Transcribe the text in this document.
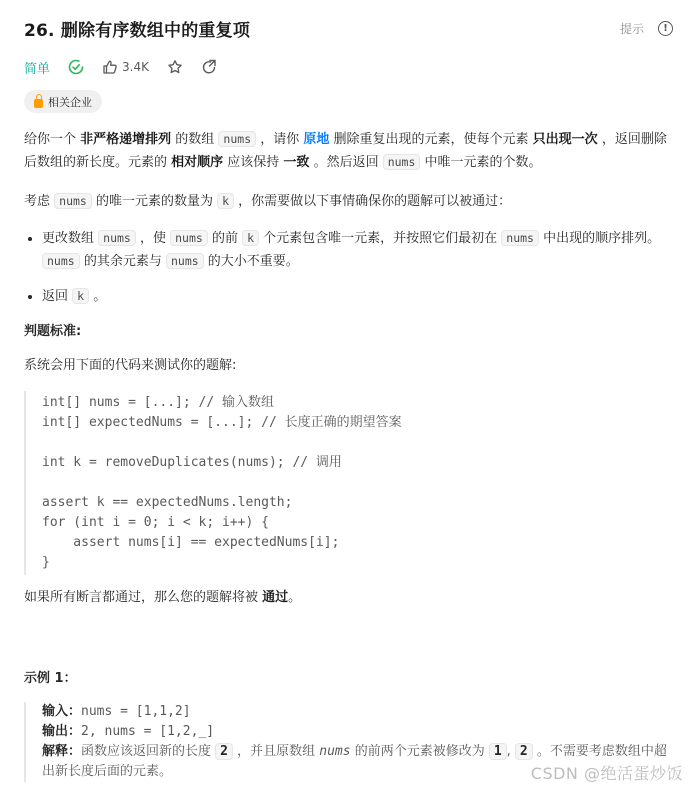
26. 删除有序数组中的重复项	提示	!
简单	3.4K
相关企业

给你一个 非严格递增排列 的数组 nums ，请你 原地 删除重复出现的元素，使每个元素 只出现一次 ，返回删除后数组的新长度。元素的 相对顺序 应该保持 一致 。然后返回 nums 中唯一元素的个数。

考虑 nums 的唯一元素的数量为 k ，你需要做以下事情确保你的题解可以被通过：

• 更改数组 nums ，使 nums 的前 k 个元素包含唯一元素，并按照它们最初在 nums 中出现的顺序排列。nums 的其余元素与 nums 的大小不重要。
• 返回 k 。
判题标准:

系统会用下面的代码来测试你的题解:

int[] nums = [...]; // 输入数组
int[] expectedNums = [...]; // 长度正确的期望答案
int k = removeDuplicates(nums); // 调用
assert k == expectedNums.length;
for (int i = 0; i < k; i++) {
assert nums[i] == expectedNums[i];
}

如果所有断言都通过，那么您的题解将被 通过。

示例 1：
输入：nums = [1,1,2]
输出：2, nums = [1,2,_]
解释：函数应该返回新的长度 2 ，并且原数组 nums 的前两个元素被修改为 1 , 2 。不需要考虑数组中超出新长度后面的元素。	CSDN @绝活蛋炒饭
